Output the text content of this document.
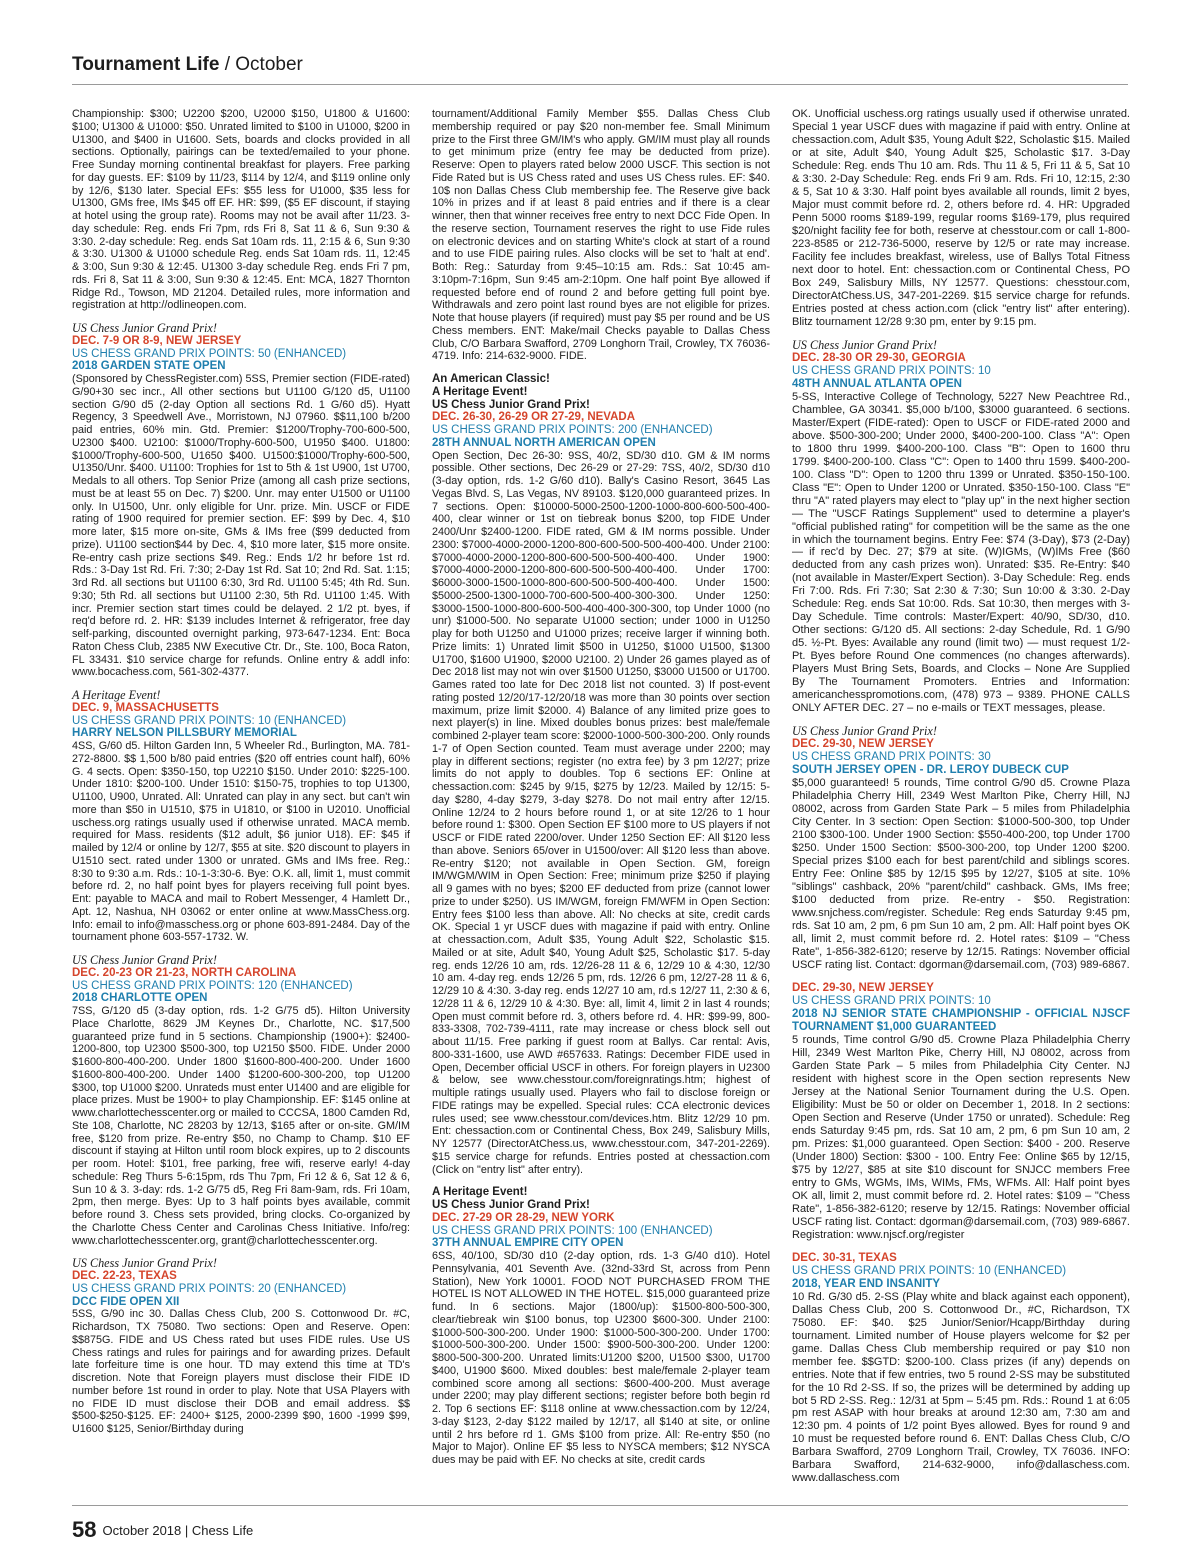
Tournament Life / October

Championship: $300; U2200 $200, U2000 $150, U1800 & U1600: $100; U1300 & U1000: $50. Unrated limited to $100 in U1000, $200 in U1300, and $400 in U1600. Sets, boards and clocks provided in all sections. Optionally, pairings can be texted/emailed to your phone. Free Sunday morning continental breakfast for players. Free parking for day guests. EF: $109 by 11/23, $114 by 12/4, and $119 online only by 12/6, $130 later. Special EFs: $55 less for U1000, $35 less for U1300, GMs free, IMs $45 off EF. HR: $99, ($5 EF discount, if staying at hotel using the group rate). Rooms may not be avail after 11/23. 3-day schedule: Reg. ends Fri 7pm, rds Fri 8, Sat 11 & 6, Sun 9:30 & 3:30. 2-day schedule: Reg. ends Sat 10am rds. 11, 2:15 & 6, Sun 9:30 & 3:30. U1300 & U1000 schedule Reg. ends Sat 10am rds. 11, 12:45 & 3:00, Sun 9:30 & 12:45. U1300 3-day schedule Reg. ends Fri 7 pm, rds. Fri 8, Sat 11 & 3:00, Sun 9:30 & 12:45. Ent: MCA, 1827 Thornton Ridge Rd., Towson, MD 21204. Detailed rules, more information and registration at http://odlineopen.com.

US Chess Junior Grand Prix!
DEC. 7-9 OR 8-9, NEW JERSEY
US CHESS GRAND PRIX POINTS: 50 (ENHANCED)
2018 GARDEN STATE OPEN

(Sponsored by ChessRegister.com) 5SS, Premier section (FIDE-rated) G/90+30 sec incr., All other sections but U1100 G/120 d5, U1100 section G/90 d5 (2-day Option all sections Rd. 1 G/60 d5). Hyatt Regency, 3 Speedwell Ave., Morristown, NJ 07960. $$11,100 b/200 paid entries, 60% min. Gtd. Premier: $1200/Trophy-700-600-500, U2300 $400. U2100: $1000/Trophy-600-500, U1950 $400. U1800: $1000/Trophy-600-500, U1650 $400. U1500:$1000/Trophy-600-500, U1350/Unr. $400. U1100: Trophies for 1st to 5th & 1st U900, 1st U700, Medals to all others. Top Senior Prize (among all cash prize sections, must be at least 55 on Dec. 7) $200. Unr. may enter U1500 or U1100 only. In U1500, Unr. only eligible for Unr. prize. Min. USCF or FIDE rating of 1900 required for premier section. EF: $99 by Dec. 4, $10 more later, $15 more on-site, GMs & IMs free ($99 deducted from prize). U1100 section$44 by Dec. 4, $10 more later, $15 more onsite. Re-entry cash prize sections $49. Reg.: Ends 1/2 hr before 1st rd. Rds.: 3-Day 1st Rd. Fri. 7:30; 2-Day 1st Rd. Sat 10; 2nd Rd. Sat. 1:15; 3rd Rd. all sections but U1100 6:30, 3rd Rd. U1100 5:45; 4th Rd. Sun. 9:30; 5th Rd. all sections but U1100 2:30, 5th Rd. U1100 1:45. With incr. Premier section start times could be delayed. 2 1/2 pt. byes, if req'd before rd. 2. HR: $139 includes Internet & refrigerator, free day self-parking, discounted overnight parking, 973-647-1234. Ent: Boca Raton Chess Club, 2385 NW Executive Ctr. Dr., Ste. 100, Boca Raton, FL 33431. $10 service charge for refunds. Online entry & addl info: www.bocachess.com, 561-302-4377.

A Heritage Event!
DEC. 9, MASSACHUSETTS
US CHESS GRAND PRIX POINTS: 10 (ENHANCED)
HARRY NELSON PILLSBURY MEMORIAL

4SS, G/60 d5. Hilton Garden Inn, 5 Wheeler Rd., Burlington, MA. 781-272-8800. $$ 1,500 b/80 paid entries ($20 off entries count half), 60% G. 4 sects. Open: $350-150, top U2210 $150. Under 2010: $225-100. Under 1810: $200-100. Under 1510: $150-75, trophies to top U1300, U1100, U900, Unrated. All: Unrated can play in any sect. but can't win more than $50 in U1510, $75 in U1810, or $100 in U2010. Unofficial uschess.org ratings usually used if otherwise unrated. MACA memb. required for Mass. residents ($12 adult, $6 junior U18). EF: $45 if mailed by 12/4 or online by 12/7, $55 at site. $20 discount to players in U1510 sect. rated under 1300 or unrated. GMs and IMs free. Reg.: 8:30 to 9:30 a.m. Rds.: 10-1-3:30-6. Bye: O.K. all, limit 1, must commit before rd. 2, no half point byes for players receiving full point byes. Ent: payable to MACA and mail to Robert Messenger, 4 Hamlett Dr., Apt. 12, Nashua, NH 03062 or enter online at www.MassChess.org. Info: email to info@masschess.org or phone 603-891-2484. Day of the tournament phone 603-557-1732. W.

US Chess Junior Grand Prix!
DEC. 20-23 OR 21-23, NORTH CAROLINA
US CHESS GRAND PRIX POINTS: 120 (ENHANCED)
2018 CHARLOTTE OPEN

7SS, G/120 d5 (3-day option, rds. 1-2 G/75 d5). Hilton University Place Charlotte, 8629 JM Keynes Dr., Charlotte, NC. $17,500 guaranteed prize fund in 5 sections. Championship (1900+): $2400-1200-800, top U2300 $500-300, top U2150 $500. FIDE. Under 2000 $1600-800-400-200. Under 1800 $1600-800-400-200. Under 1600 $1600-800-400-200. Under 1400 $1200-600-300-200, top U1200 $300, top U1000 $200. Unrateds must enter U1400 and are eligible for place prizes. Must be 1900+ to play Championship. EF: $145 online at www.charlottechesscenter.org or mailed to CCCSA, 1800 Camden Rd, Ste 108, Charlotte, NC 28203 by 12/13, $165 after or on-site. GM/IM free, $120 from prize. Re-entry $50, no Champ to Champ. $10 EF discount if staying at Hilton until room block expires, up to 2 discounts per room. Hotel: $101, free parking, free wifi, reserve early! 4-day schedule: Reg Thurs 5-6:15pm, rds Thu 7pm, Fri 12 & 6, Sat 12 & 6, Sun 10 & 3. 3-day: rds. 1-2 G/75 d5, Reg Fri 8am-9am, rds. Fri 10am, 2pm, then merge. Byes: Up to 3 half points byes available, commit before round 3. Chess sets provided, bring clocks. Co-organized by the Charlotte Chess Center and Carolinas Chess Initiative. Info/reg: www.charlottechesscenter.org, grant@charlottechesscenter.org.

US Chess Junior Grand Prix!
DEC. 22-23, TEXAS
US CHESS GRAND PRIX POINTS: 20 (ENHANCED)
DCC FIDE OPEN XII

5SS, G/90 inc 30. Dallas Chess Club, 200 S. Cottonwood Dr. #C, Richardson, TX 75080. Two sections: Open and Reserve. Open: $$875G. FIDE and US Chess rated but uses FIDE rules. Use US Chess ratings and rules for pairings and for awarding prizes. Default late forfeiture time is one hour. TD may extend this time at TD's discretion. Note that Foreign players must disclose their FIDE ID number before 1st round in order to play. Note that USA Players with no FIDE ID must disclose their DOB and email address. $$ $500-$250-$125. EF: 2400+ $125, 2000-2399 $90, 1600 -1999 $99, U1600 $125, Senior/Birthday during

tournament/Additional Family Member $55. Dallas Chess Club membership required or pay $20 non-member fee. Small Minimum prize to the First three GM/IM's who apply. GM/IM must play all rounds to get minimum prize (entry fee may be deducted from prize). Reserve: Open to players rated below 2000 USCF. This section is not Fide Rated but is US Chess rated and uses US Chess rules. EF: $40. 10$ non Dallas Chess Club membership fee. The Reserve give back 10% in prizes and if at least 8 paid entries and if there is a clear winner, then that winner receives free entry to next DCC Fide Open. In the reserve section, Tournament reserves the right to use Fide rules on electronic devices and on starting White's clock at start of a round and to use FIDE pairing rules. Also clocks will be set to 'halt at end'. Both: Reg.: Saturday from 9:45–10:15 am. Rds.: Sat 10:45 am-3:10pm-7:16pm, Sun 9:45 am-2:10pm. One half point Bye allowed if requested before end of round 2 and before getting full point bye. Withdrawals and zero point last round byes are not eligible for prizes. Note that house players (if required) must pay $5 per round and be US Chess members. ENT: Make/mail Checks payable to Dallas Chess Club, C/O Barbara Swafford, 2709 Longhorn Trail, Crowley, TX 76036-4719. Info: 214-632-9000. FIDE.

An American Classic!
A Heritage Event!
US Chess Junior Grand Prix!
DEC. 26-30, 26-29 OR 27-29, NEVADA
US CHESS GRAND PRIX POINTS: 200 (ENHANCED)
28TH ANNUAL NORTH AMERICAN OPEN

Open Section, Dec 26-30: 9SS, 40/2, SD/30 d10. GM & IM norms possible. Other sections, Dec 26-29 or 27-29: 7SS, 40/2, SD/30 d10 (3-day option, rds. 1-2 G/60 d10). Bally's Casino Resort, 3645 Las Vegas Blvd. S, Las Vegas, NV 89103. $120,000 guaranteed prizes. In 7 sections. Open: $10000-5000-2500-1200-1000-800-600-500-400-400, clear winner or 1st on tiebreak bonus $200, top FIDE Under 2400/Unr $2400-1200. FIDE rated, GM & IM norms possible. Under 2300: $7000-4000-2000-1200-800-600-500-500-400-400. Under 2100: $7000-4000-2000-1200-800-600-500-500-400-400. Under 1900: $7000-4000-2000-1200-800-600-500-500-400-400. Under 1700: $6000-3000-1500-1000-800-600-500-500-400-400. Under 1500: $5000-2500-1300-1000-700-600-500-400-300-300. Under 1250: $3000-1500-1000-800-600-500-400-400-300-300, top Under 1000 (no unr) $1000-500. No separate U1000 section; under 1000 in U1250 play for both U1250 and U1000 prizes; receive larger if winning both. Prize limits: 1) Unrated limit $500 in U1250, $1000 U1500, $1300 U1700, $1600 U1900, $2000 U2100. 2) Under 26 games played as of Dec 2018 list may not win over $1500 U1250, $3000 U1500 or U1700. Games rated too late for Dec 2018 list not counted. 3) If post-event rating posted 12/20/17-12/20/18 was more than 30 points over section maximum, prize limit $2000. 4) Balance of any limited prize goes to next player(s) in line. Mixed doubles bonus prizes: best male/female combined 2-player team score: $2000-1000-500-300-200. Only rounds 1-7 of Open Section counted. Team must average under 2200; may play in different sections; register (no extra fee) by 3 pm 12/27; prize limits do not apply to doubles. Top 6 sections EF: Online at chessaction.com: $245 by 9/15, $275 by 12/23. Mailed by 12/15: 5-day $280, 4-day $279, 3-day $278. Do not mail entry after 12/15. Online 12/24 to 2 hours before round 1, or at site 12/26 to 1 hour before round 1: $300. Open Section EF $100 more to US players if not USCF or FIDE rated 2200/over. Under 1250 Section EF: All $120 less than above. Seniors 65/over in U1500/over: All $120 less than above. Re-entry $120; not available in Open Section. GM, foreign IM/WGM/WIM in Open Section: Free; minimum prize $250 if playing all 9 games with no byes; $200 EF deducted from prize (cannot lower prize to under $250). US IM/WGM, foreign FM/WFM in Open Section: Entry fees $100 less than above. All: No checks at site, credit cards OK. Special 1 yr USCF dues with magazine if paid with entry. Online at chessaction.com, Adult $35, Young Adult $22, Scholastic $15. Mailed or at site, Adult $40, Young Adult $25, Scholastic $17. 5-day reg. ends 12/26 10 am, rds. 12/26-28 11 & 6, 12/29 10 & 4:30, 12/30 10 am. 4-day reg. ends 12/26 5 pm, rds. 12/26 6 pm, 12/27-28 11 & 6, 12/29 10 & 4:30. 3-day reg. ends 12/27 10 am, rd.s 12/27 11, 2:30 & 6, 12/28 11 & 6, 12/29 10 & 4:30. Bye: all, limit 4, limit 2 in last 4 rounds; Open must commit before rd. 3, others before rd. 4. HR: $99-99, 800-833-3308, 702-739-4111, rate may increase or chess block sell out about 11/15. Free parking if guest room at Ballys. Car rental: Avis, 800-331-1600, use AWD #657633. Ratings: December FIDE used in Open, December official USCF in others. For foreign players in U2300 & below, see www.chesstour.com/foreignratings.htm; highest of multiple ratings usually used. Players who fail to disclose foreign or FIDE ratings may be expelled. Special rules: CCA electronic devices rules used; see www.chesstour.com/devices.htm. Blitz 12/29 10 pm. Ent: chessaction.com or Continental Chess, Box 249, Salisbury Mills, NY 12577 (DirectorAtChess.us, www.chesstour.com, 347-201-2269). $15 service charge for refunds. Entries posted at chessaction.com (Click on "entry list" after entry).

A Heritage Event!
US Chess Junior Grand Prix!
DEC. 27-29 OR 28-29, NEW YORK
US CHESS GRAND PRIX POINTS: 100 (ENHANCED)
37TH ANNUAL EMPIRE CITY OPEN

6SS, 40/100, SD/30 d10 (2-day option, rds. 1-3 G/40 d10). Hotel Pennsylvania, 401 Seventh Ave. (32nd-33rd St, across from Penn Station), New York 10001. FOOD NOT PURCHASED FROM THE HOTEL IS NOT ALLOWED IN THE HOTEL. $15,000 guaranteed prize fund. In 6 sections. Major (1800/up): $1500-800-500-300, clear/tiebreak win $100 bonus, top U2300 $600-300. Under 2100: $1000-500-300-200. Under 1900: $1000-500-300-200. Under 1700: $1000-500-300-200. Under 1500: $900-500-300-200. Under 1200: $800-500-300-200. Unrated limits:U1200 $200, U1500 $300, U1700 $400, U1900 $600. Mixed doubles: best male/female 2-player team combined score among all sections: $600-400-200. Must average under 2200; may play different sections; register before both begin rd 2. Top 6 sections EF: $118 online at www.chessaction.com by 12/24, 3-day $123, 2-day $122 mailed by 12/17, all $140 at site, or online until 2 hrs before rd 1. GMs $100 from prize. All: Re-entry $50 (no Major to Major). Online EF $5 less to NYSCA members; $12 NYSCA dues may be paid with EF. No checks at site, credit cards

OK. Unofficial uschess.org ratings usually used if otherwise unrated. Special 1 year USCF dues with magazine if paid with entry. Online at chessaction.com, Adult $35, Young Adult $22, Scholastic $15. Mailed or at site, Adult $40, Young Adult $25, Scholastic $17. 3-Day Schedule: Reg. ends Thu 10 am. Rds. Thu 11 & 5, Fri 11 & 5, Sat 10 & 3:30. 2-Day Schedule: Reg. ends Fri 9 am. Rds. Fri 10, 12:15, 2:30 & 5, Sat 10 & 3:30. Half point byes available all rounds, limit 2 byes, Major must commit before rd. 2, others before rd. 4. HR: Upgraded Penn 5000 rooms $189-199, regular rooms $169-179, plus required $20/night facility fee for both, reserve at chesstour.com or call 1-800-223-8585 or 212-736-5000, reserve by 12/5 or rate may increase. Facility fee includes breakfast, wireless, use of Ballys Total Fitness next door to hotel. Ent: chessaction.com or Continental Chess, PO Box 249, Salisbury Mills, NY 12577. Questions: chesstour.com, DirectorAtChess.US, 347-201-2269. $15 service charge for refunds. Entries posted at chess action.com (click "entry list" after entering). Blitz tournament 12/28 9:30 pm, enter by 9:15 pm.

US Chess Junior Grand Prix!
DEC. 28-30 OR 29-30, GEORGIA
US CHESS GRAND PRIX POINTS: 10
48TH ANNUAL ATLANTA OPEN

5-SS, Interactive College of Technology, 5227 New Peachtree Rd., Chamblee, GA 30341. $5,000 b/100, $3000 guaranteed. 6 sections. Master/Expert (FIDE-rated): Open to USCF or FIDE-rated 2000 and above. $500-300-200; Under 2000, $400-200-100. Class "A": Open to 1800 thru 1999. $400-200-100. Class "B": Open to 1600 thru 1799. $400-200-100. Class "C": Open to 1400 thru 1599. $400-200-100. Class "D": Open to 1200 thru 1399 or Unrated. $350-150-100. Class "E": Open to Under 1200 or Unrated. $350-150-100. Class "E" thru "A" rated players may elect to "play up" in the next higher section — The "USCF Ratings Supplement" used to determine a player's "official published rating" for competition will be the same as the one in which the tournament begins. Entry Fee: $74 (3-Day), $73 (2-Day) — if rec'd by Dec. 27; $79 at site. (W)IGMs, (W)IMs Free ($60 deducted from any cash prizes won). Unrated: $35. Re-Entry: $40 (not available in Master/Expert Section). 3-Day Schedule: Reg. ends Fri 7:00. Rds. Fri 7:30; Sat 2:30 & 7:30; Sun 10:00 & 3:30. 2-Day Schedule: Reg. ends Sat 10:00. Rds. Sat 10:30, then merges with 3-Day Schedule. Time controls: Master/Expert: 40/90, SD/30, d10. Other sections: G/120 d5. All sections: 2-day Schedule, Rd. 1 G/90 d5. ½-Pt. Byes: Available any round (limit two) — must request 1/2-Pt. Byes before Round One commences (no changes afterwards). Players Must Bring Sets, Boards, and Clocks – None Are Supplied By The Tournament Promoters. Entries and Information: americanchesspromotions.com, (478) 973 – 9389. PHONE CALLS ONLY AFTER DEC. 27 – no e-mails or TEXT messages, please.

US Chess Junior Grand Prix!
DEC. 29-30, NEW JERSEY
US CHESS GRAND PRIX POINTS: 30
SOUTH JERSEY OPEN - DR. LEROY DUBECK CUP

$5,000 guaranteed! 5 rounds, Time control G/90 d5. Crowne Plaza Philadelphia Cherry Hill, 2349 West Marlton Pike, Cherry Hill, NJ 08002, across from Garden State Park – 5 miles from Philadelphia City Center. In 3 section: Open Section: $1000-500-300, top Under 2100 $300-100. Under 1900 Section: $550-400-200, top Under 1700 $250. Under 1500 Section: $500-300-200, top Under 1200 $200. Special prizes $100 each for best parent/child and siblings scores. Entry Fee: Online $85 by 12/15 $95 by 12/27, $105 at site. 10% "siblings" cashback, 20% "parent/child" cashback. GMs, IMs free; $100 deducted from prize. Re-entry - $50. Registration: www.snjchess.com/register. Schedule: Reg ends Saturday 9:45 pm, rds. Sat 10 am, 2 pm, 6 pm Sun 10 am, 2 pm. All: Half point byes OK all, limit 2, must commit before rd. 2. Hotel rates: $109 – "Chess Rate", 1-856-382-6120; reserve by 12/15. Ratings: November official USCF rating list. Contact: dgorman@darsemail.com, (703) 989-6867.

DEC. 29-30, NEW JERSEY
US CHESS GRAND PRIX POINTS: 10
2018 NJ SENIOR STATE CHAMPIONSHIP - OFFICIAL NJSCF TOURNAMENT $1,000 GUARANTEED

5 rounds, Time control G/90 d5. Crowne Plaza Philadelphia Cherry Hill, 2349 West Marlton Pike, Cherry Hill, NJ 08002, across from Garden State Park – 5 miles from Philadelphia City Center. NJ resident with highest score in the Open section represents New Jersey at the National Senior Tournament during the U.S. Open. Eligibility: Must be 50 or older on December 1, 2018. In 2 sections: Open Section and Reserve (Under 1750 or unrated). Schedule: Reg ends Saturday 9:45 pm, rds. Sat 10 am, 2 pm, 6 pm Sun 10 am, 2 pm. Prizes: $1,000 guaranteed. Open Section: $400 - 200. Reserve (Under 1800) Section: $300 - 100. Entry Fee: Online $65 by 12/15, $75 by 12/27, $85 at site $10 discount for SNJCC members Free entry to GMs, WGMs, IMs, WIMs, FMs, WFMs. All: Half point byes OK all, limit 2, must commit before rd. 2. Hotel rates: $109 – "Chess Rate", 1-856-382-6120; reserve by 12/15. Ratings: November official USCF rating list. Contact: dgorman@darsemail.com, (703) 989-6867. Registration: www.njscf.org/register

DEC. 30-31, TEXAS
US CHESS GRAND PRIX POINTS: 10 (ENHANCED)
2018, YEAR END INSANITY

10 Rd. G/30 d5. 2-SS (Play white and black against each opponent), Dallas Chess Club, 200 S. Cottonwood Dr., #C, Richardson, TX 75080. EF: $40. $25 Junior/Senior/Hcapp/Birthday during tournament. Limited number of House players welcome for $2 per game. Dallas Chess Club membership required or pay $10 non member fee. $$GTD: $200-100. Class prizes (if any) depends on entries. Note that if few entries, two 5 round 2-SS may be substituted for the 10 Rd 2-SS. If so, the prizes will be determined by adding up bot 5 RD 2-SS. Reg.: 12/31 at 5pm – 5:45 pm. Rds.: Round 1 at 6:05 pm rest ASAP with hour breaks at around 12:30 am, 7:30 am and 12:30 pm. 4 points of 1/2 point Byes allowed. Byes for round 9 and 10 must be requested before round 6. ENT: Dallas Chess Club, C/O Barbara Swafford, 2709 Longhorn Trail, Crowley, TX 76036. INFO: Barbara Swafford, 214-632-9000, info@dallaschess.com. www.dallaschess.com

58 October 2018 | Chess Life
